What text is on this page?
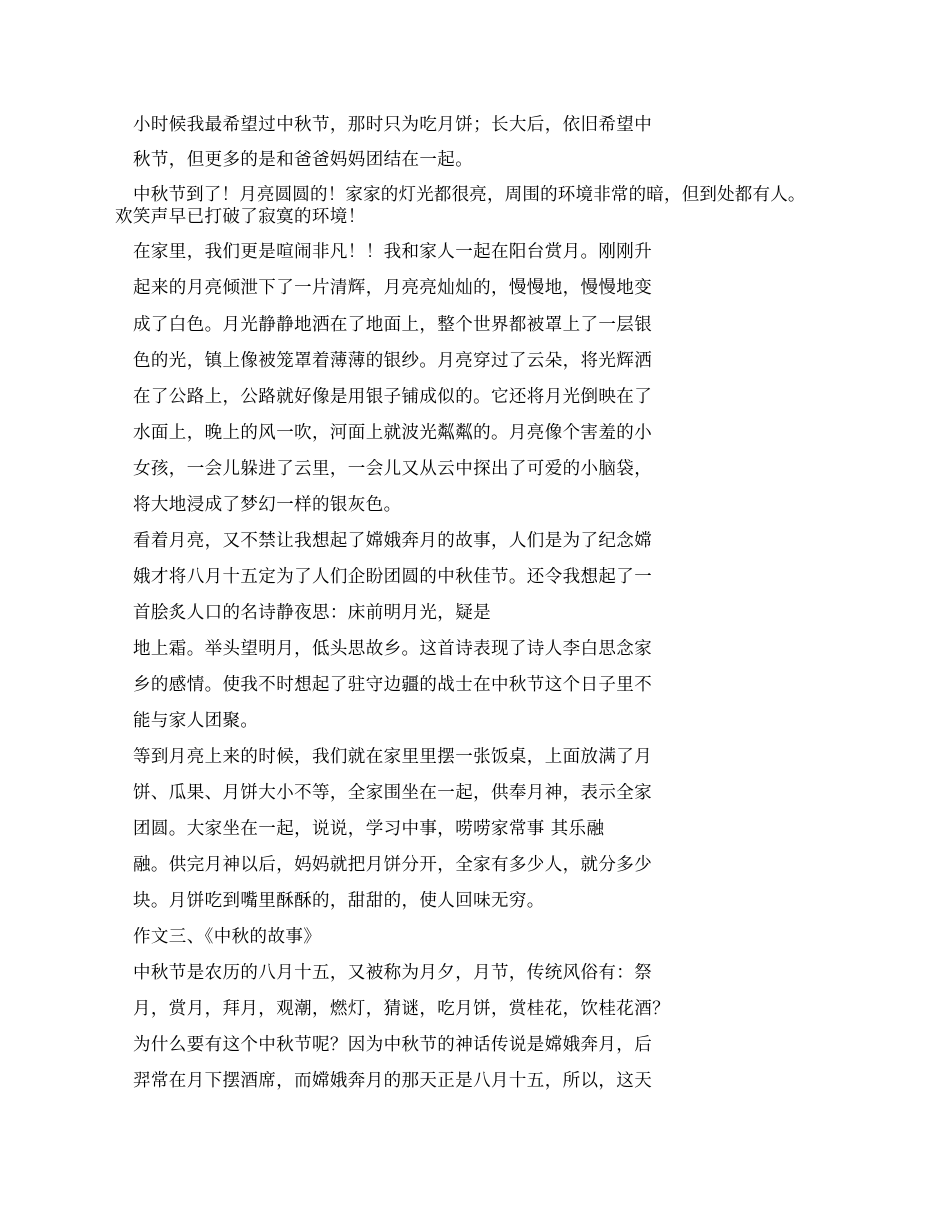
小时候我最希望过中秋节，那时只为吃月饼；长大后，依旧希望中
秋节，但更多的是和爸爸妈妈团结在一起。
中秋节到了！月亮圆圆的！家家的灯光都很亮，周围的环境非常的暗，但到处都有人。
欢笑声早已打破了寂寞的环境！
在家里，我们更是喧闹非凡！！我和家人一起在阳台赏月。刚刚升
起来的月亮倾泄下了一片清辉，月亮亮灿灿的，慢慢地，慢慢地变
成了白色。月光静静地洒在了地面上，整个世界都被罩上了一层银
色的光，镇上像被笼罩着薄薄的银纱。月亮穿过了云朵，将光辉洒
在了公路上，公路就好像是用银子铺成似的。它还将月光倒映在了
水面上，晚上的风一吹，河面上就波光粼粼的。月亮像个害羞的小
女孩，一会儿躲进了云里，一会儿又从云中探出了可爱的小脑袋，
将大地浸成了梦幻一样的银灰色。
看着月亮，又不禁让我想起了嫦娥奔月的故事，人们是为了纪念嫦
娥才将八月十五定为了人们企盼团圆的中秋佳节。还令我想起了一
首脍炙人口的名诗静夜思：床前明月光，疑是
地上霜。举头望明月，低头思故乡。这首诗表现了诗人李白思念家
乡的感情。使我不时想起了驻守边疆的战士在中秋节这个日子里不
能与家人团聚。
等到月亮上来的时候，我们就在家里里摆一张饭桌，上面放满了月
饼、瓜果、月饼大小不等，全家围坐在一起，供奉月神，表示全家
团圆。大家坐在一起，说说，学习中事，唠唠家常事 其乐融
融。供完月神以后，妈妈就把月饼分开，全家有多少人，就分多少
块。月饼吃到嘴里酥酥的，甜甜的，使人回味无穷。
作文三、《中秋的故事》
中秋节是农历的八月十五，又被称为月夕，月节，传统风俗有：祭
月，赏月，拜月，观潮，燃灯，猜谜，吃月饼，赏桂花，饮桂花酒？
为什么要有这个中秋节呢？因为中秋节的神话传说是嫦娥奔月，后
羿常在月下摆酒席，而嫦娥奔月的那天正是八月十五，所以，这天
